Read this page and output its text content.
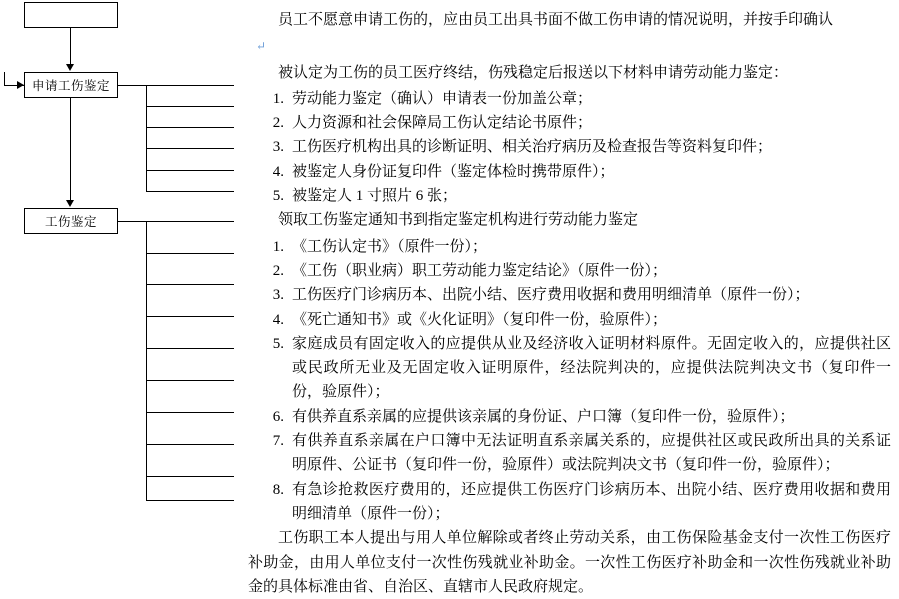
申请工伤鉴定
工伤鉴定

员工不愿意申请工伤的，应由员工出具书面不做工伤申请的情况说明，并按手印确认

↵

被认定为工伤的员工医疗终结，伤残稳定后报送以下材料申请劳动能力鉴定：

1. 劳动能力鉴定（确认）申请表一份加盖公章；
2. 人力资源和社会保障局工伤认定结论书原件；
3. 工伤医疗机构出具的诊断证明、相关治疗病历及检查报告等资料复印件；
4. 被鉴定人身份证复印件（鉴定体检时携带原件）；
5. 被鉴定人 1 寸照片 6 张；

领取工伤鉴定通知书到指定鉴定机构进行劳动能力鉴定

1. 《工伤认定书》（原件一份）；
2. 《工伤（职业病）职工劳动能力鉴定结论》（原件一份）；
3. 工伤医疗门诊病历本、出院小结、医疗费用收据和费用明细清单（原件一份）；
4. 《死亡通知书》或《火化证明》（复印件一份，验原件）；
5. 家庭成员有固定收入的应提供从业及经济收入证明材料原件。无固定收入的，应提供社区或民政所无业及无固定收入证明原件，经法院判决的，应提供法院判决文书（复印件一份，验原件）；
6. 有供养直系亲属的应提供该亲属的身份证、户口簿（复印件一份，验原件）；
7. 有供养直系亲属在户口簿中无法证明直系亲属关系的，应提供社区或民政所出具的关系证明原件、公证书（复印件一份，验原件）或法院判决文书（复印件一份，验原件）；
8. 有急诊抢救医疗费用的，还应提供工伤医疗门诊病历本、出院小结、医疗费用收据和费用明细清单（原件一份）；

工伤职工本人提出与用人单位解除或者终止劳动关系，由工伤保险基金支付一次性工伤医疗补助金，由用人单位支付一次性伤残就业补助金。一次性工伤医疗补助金和一次性伤残就业补助金的具体标准由省、自治区、直辖市人民政府规定。
